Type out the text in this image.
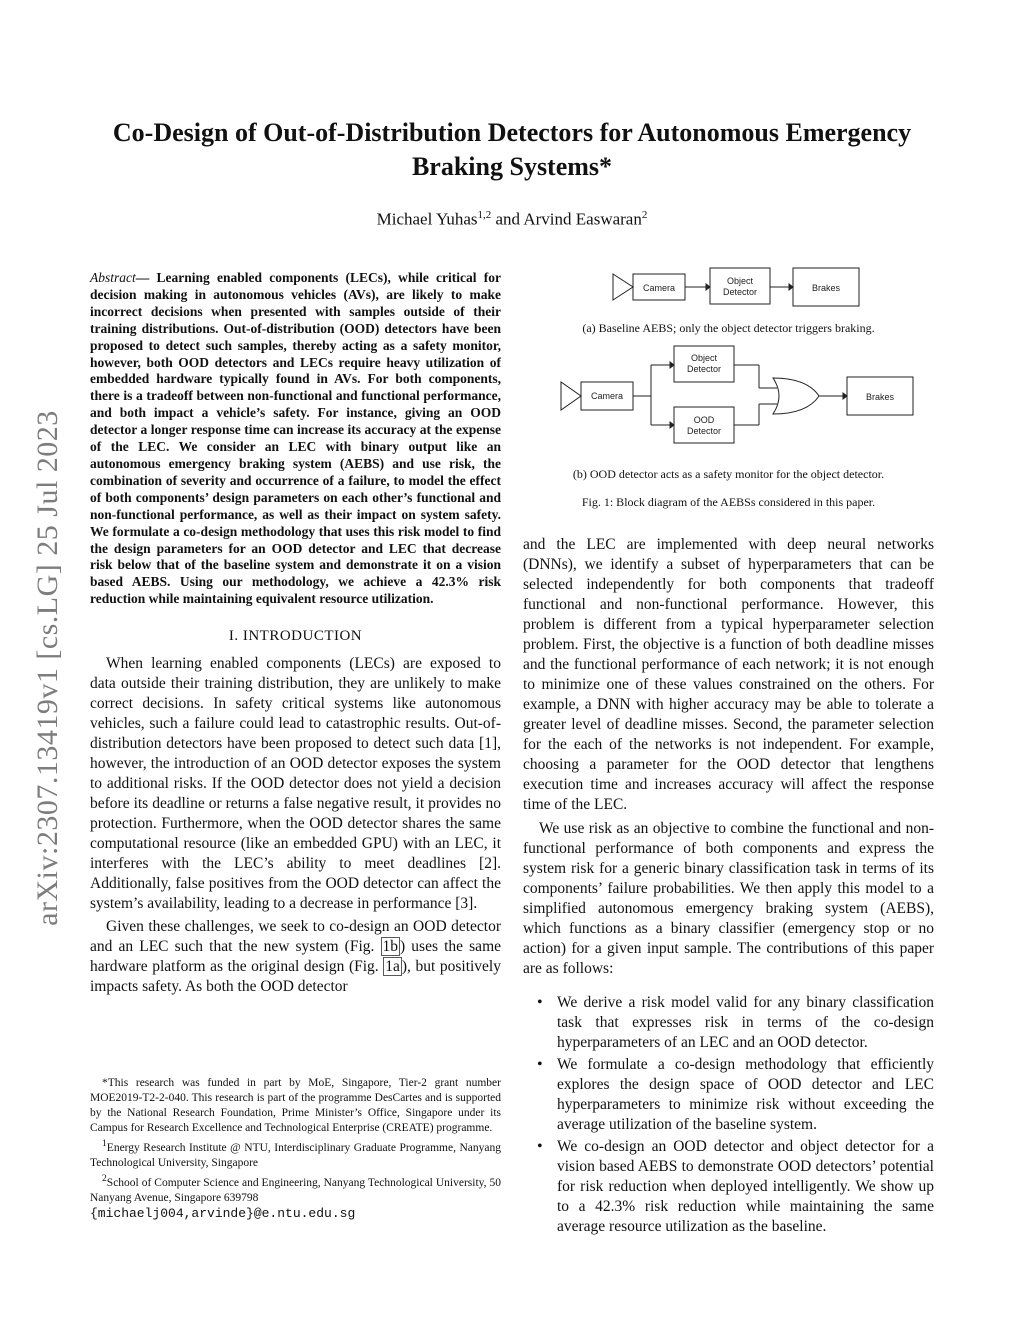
arXiv:2307.13419v1 [cs.LG] 25 Jul 2023
Co-Design of Out-of-Distribution Detectors for Autonomous Emergency Braking Systems*
Michael Yuhas$^{1,2}$ and Arvind Easwaran$^2$
Abstract— Learning enabled components (LECs), while critical for decision making in autonomous vehicles (AVs), are likely to make incorrect decisions when presented with samples outside of their training distributions. Out-of-distribution (OOD) detectors have been proposed to detect such samples, thereby acting as a safety monitor, however, both OOD detectors and LECs require heavy utilization of embedded hardware typically found in AVs. For both components, there is a tradeoff between non-functional and functional performance, and both impact a vehicle’s safety. For instance, giving an OOD detector a longer response time can increase its accuracy at the expense of the LEC. We consider an LEC with binary output like an autonomous emergency braking system (AEBS) and use risk, the combination of severity and occurrence of a failure, to model the effect of both components’ design parameters on each other’s functional and non-functional performance, as well as their impact on system safety. We formulate a co-design methodology that uses this risk model to find the design parameters for an OOD detector and LEC that decrease risk below that of the baseline system and demonstrate it on a vision based AEBS. Using our methodology, we achieve a 42.3% risk reduction while maintaining equivalent resource utilization.
I. INTRODUCTION

When learning enabled components (LECs) are exposed to data outside their training distribution, they are unlikely to make correct decisions. In safety critical systems like autonomous vehicles, such a failure could lead to catastrophic results. Out-of-distribution detectors have been proposed to detect such data [1], however, the introduction of an OOD detector exposes the system to additional risks. If the OOD detector does not yield a decision before its deadline or returns a false negative result, it provides no protection. Furthermore, when the OOD detector shares the same computational resource (like an embedded GPU) with an LEC, it interferes with the LEC’s ability to meet deadlines [2]. Additionally, false positives from the OOD detector can affect the system’s availability, leading to a decrease in performance [3].

Given these challenges, we seek to co-design an OOD detector and an LEC such that the new system (Fig. 1b ) uses the same hardware platform as the original design (Fig. 1a ), but positively impacts safety. As both the OOD detector

*This research was funded in part by MoE, Singapore, Tier-2 grant number MOE2019-T2-2-040. This research is part of the programme DesCartes and is supported by the National Research Foundation, Prime Minister’s Office, Singapore under its Campus for Research Excellence and Technological Enterprise (CREATE) programme.

$^1$Energy Research Institute @ NTU, Interdisciplinary Graduate Programme, Nanyang Technological University, Singapore

$^2$School of Computer Science and Engineering, Nanyang Technological University, 50 Nanyang Avenue, Singapore 639798

{michaelj004,arvinde}@e.ntu.edu.sg
Camera
Object
Detector	Brakes
Camera
Object
Detector
OOD
Detector
Brakes
(a) Baseline AEBS; only the object detector triggers braking.
(b) OOD detector acts as a safety monitor for the object detector.
Fig. 1: Block diagram of the AEBSs considered in this paper.

and the LEC are implemented with deep neural networks (DNNs), we identify a subset of hyperparameters that can be selected independently for both components that tradeoff functional and non-functional performance. However, this problem is different from a typical hyperparameter selection problem. First, the objective is a function of both deadline misses and the functional performance of each network; it is not enough to minimize one of these values constrained on the others. For example, a DNN with higher accuracy may be able to tolerate a greater level of deadline misses. Second, the parameter selection for the each of the networks is not independent. For example, choosing a parameter for the OOD detector that lengthens execution time and increases accuracy will affect the response time of the LEC.

We use risk as an objective to combine the functional and non-functional performance of both components and express the system risk for a generic binary classification task in terms of its components’ failure probabilities. We then apply this model to a simplified autonomous emergency braking system (AEBS), which functions as a binary classifier (emergency stop or no action) for a given input sample. The contributions of this paper are as follows:

• We derive a risk model valid for any binary classification task that expresses risk in terms of the co-design hyperparameters of an LEC and an OOD detector.
• We formulate a co-design methodology that efficiently explores the design space of OOD detector and LEC hyperparameters to minimize risk without exceeding the average utilization of the baseline system.
• We co-design an OOD detector and object detector for a vision based AEBS to demonstrate OOD detectors’ potential for risk reduction when deployed intelligently. We show up to a 42.3% risk reduction while maintaining the same average resource utilization as the baseline.
